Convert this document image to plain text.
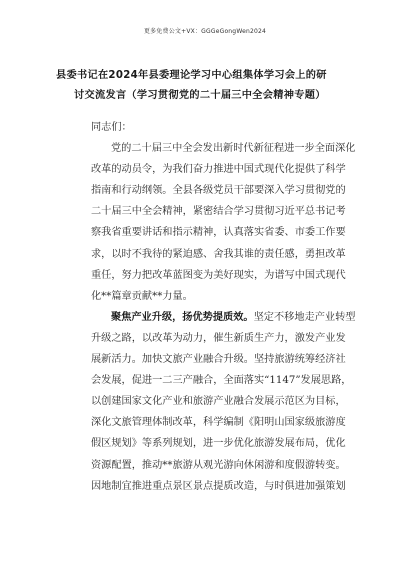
更多免费公文+VX：GGGeGongWen2024
县委书记在2024年县委理论学习中心组集体学习会上的研
讨交流发言（学习贯彻党的二十届三中全会精神专题）
同志们：
党的二十届三中全会发出新时代新征程进一步全面深化
改革的动员令，为我们奋力推进中国式现代化提供了科学
指南和行动纲领。全县各级党员干部要深入学习贯彻党的
二十届三中全会精神，紧密结合学习贯彻习近平总书记考
察我省重要讲话和指示精神，认真落实省委、市委工作要
求，以时不我待的紧迫感、舍我其谁的责任感，勇担改革
重任，努力把改革蓝图变为美好现实，为谱写中国式现代
化**篇章贡献**力量。
聚焦产业升级，扬优势提质效。坚定不移地走产业转型
升级之路，以改革为动力，催生新质生产力，激发产业发
展新活力。加快文旅产业融合升级。坚持旅游统筹经济社
会发展，促进一二三产融合，全面落实“1147”发展思路，
以创建国家文化产业和旅游产业融合发展示范区为目标，
深化文旅管理体制改革，科学编制《阳明山国家级旅游度
假区规划》等系列规划，进一步优化旅游发展布局，优化
资源配置，推动**旅游从观光游向休闲游和度假游转变。
因地制宜推进重点景区景点提质改造，与时俱进加强策划
